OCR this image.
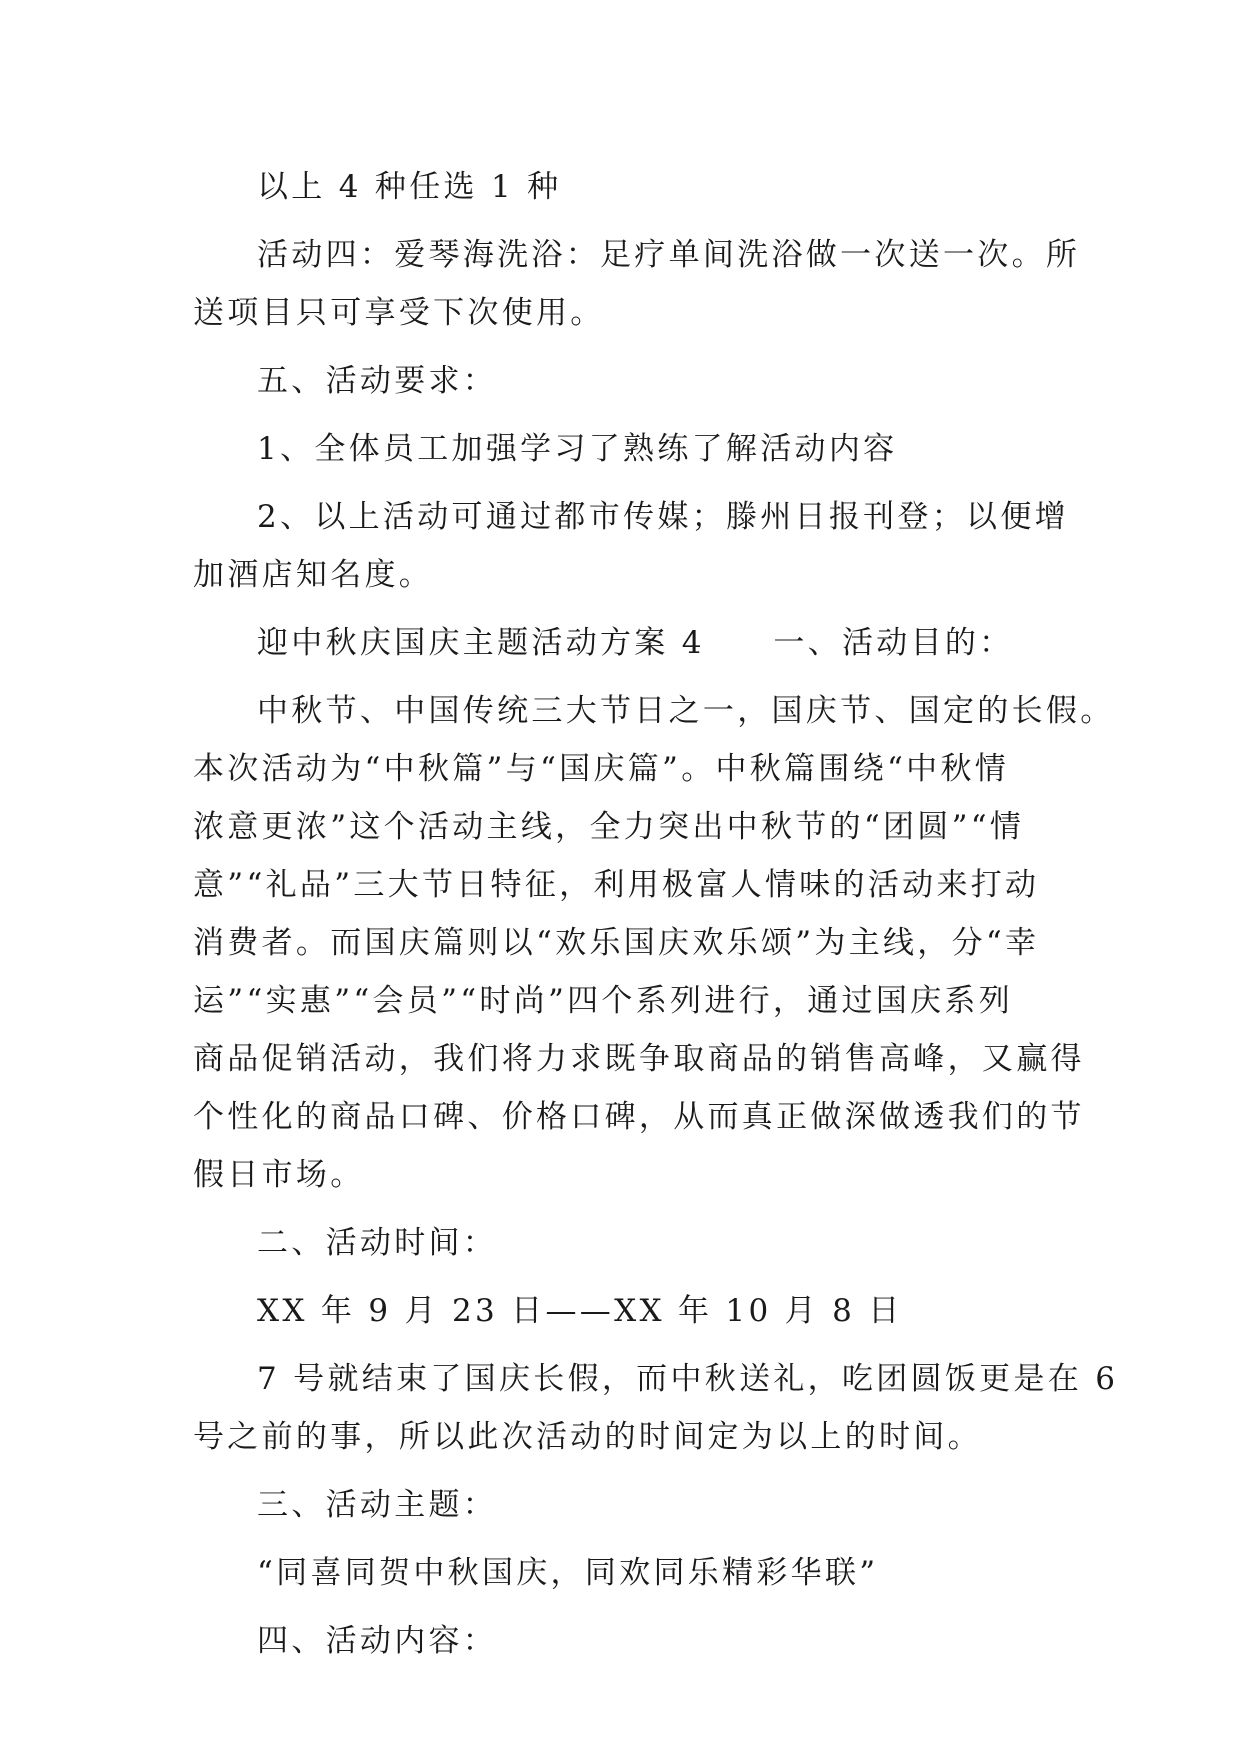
以上 4 种任选 1 种
活动四：爱琴海洗浴：足疗单间洗浴做一次送一次。所
送项目只可享受下次使用。
五、活动要求：
1、全体员工加强学习了熟练了解活动内容
2、以上活动可通过都市传媒；滕州日报刊登；以便增
加酒店知名度。
迎中秋庆国庆主题活动方案 4　　一、活动目的：
中秋节、中国传统三大节日之一，国庆节、国定的长假。
本次活动为“中秋篇”与“国庆篇”。中秋篇围绕“中秋情
浓意更浓”这个活动主线，全力突出中秋节的“团圆”“情
意”“礼品”三大节日特征，利用极富人情味的活动来打动
消费者。而国庆篇则以“欢乐国庆欢乐颂”为主线，分“幸
运”“实惠”“会员”“时尚”四个系列进行，通过国庆系列
商品促销活动，我们将力求既争取商品的销售高峰，又赢得
个性化的商品口碑、价格口碑，从而真正做深做透我们的节
假日市场。
二、活动时间：
XX 年 9 月 23 日——XX 年 10 月 8 日
7 号就结束了国庆长假，而中秋送礼，吃团圆饭更是在 6
号之前的事，所以此次活动的时间定为以上的时间。
三、活动主题：
“同喜同贺中秋国庆，同欢同乐精彩华联”
四、活动内容：
